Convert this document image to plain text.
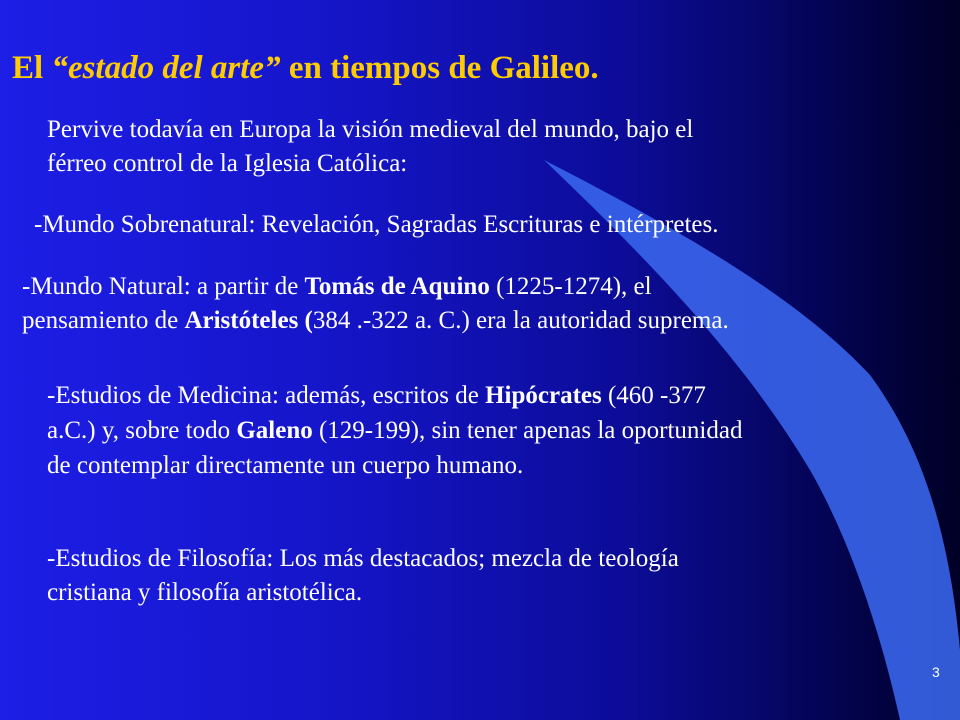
El “estado del arte” en tiempos de Galileo.
Pervive todavía en Europa la visión medieval del mundo, bajo el
férreo control de la Iglesia Católica:
-Mundo Sobrenatural: Revelación, Sagradas Escrituras e intérpretes.
-Mundo Natural: a partir de Tomás de Aquino (1225-1274), el
pensamiento de Aristóteles (384 .-322 a. C.) era la autoridad suprema.
-Estudios de Medicina: además, escritos de Hipócrates (460 -377
a.C.) y, sobre todo Galeno (129-199), sin tener apenas la oportunidad
de contemplar directamente un cuerpo humano.
-Estudios de Filosofía: Los más destacados; mezcla de teología
cristiana y filosofía aristotélica.
3
